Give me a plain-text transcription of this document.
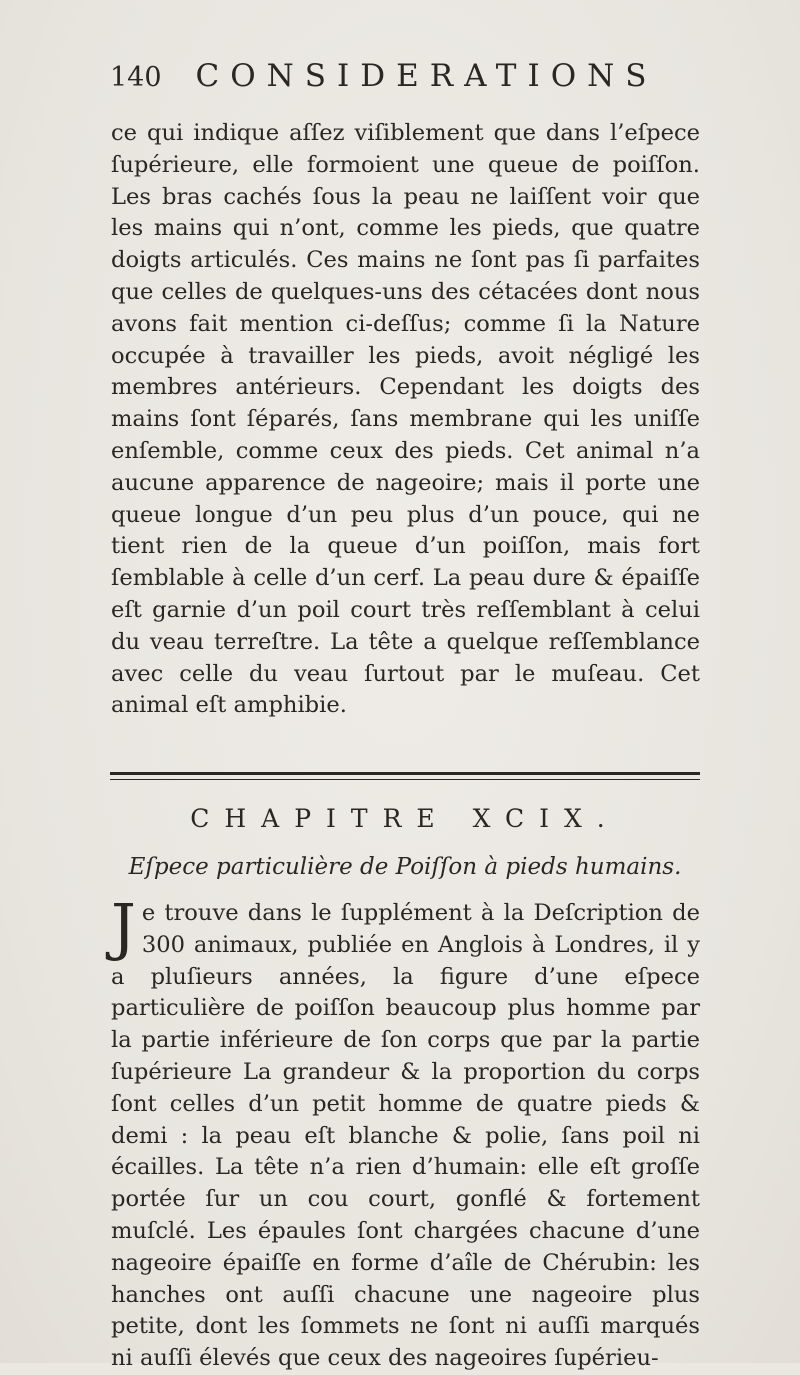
140 CONSIDERATIONS

ce qui indique aſſez viſiblement que dans l’eſpece ſupérieure, elle formoient une queue de poiſſon. Les bras cachés ſous la peau ne laiſſent voir que les mains qui n’ont, comme les pieds, que quatre doigts articulés. Ces mains ne ſont pas ſi parfaites que celles de quelques-uns des cétacées dont nous avons fait mention ci-deſſus; comme ſi la Nature occupée à travailler les pieds, avoit négligé les membres antérieurs. Cependant les doigts des mains ſont ſéparés, ſans membrane qui les uniſſe enſemble, comme ceux des pieds. Cet animal n’a aucune apparence de nageoire; mais il porte une queue longue d’un peu plus d’un pouce, qui ne tient rien de la queue d’un poiſſon, mais fort ſemblable à celle d’un cerf. La peau dure & épaiſſe eſt garnie d’un poil court très reſſemblant à celui du veau terreſtre. La tête a quelque reſſemblance avec celle du veau ſurtout par le muſeau. Cet animal eſt amphibie.

CHAPITRE XCIX.
Eſpece particulière de Poiſſon à pieds humains.

Je trouve dans le ſupplément à la Deſcription de 300 animaux, publiée en Anglois à Londres, il y a pluſieurs années, la figure d’une eſpece particulière de poiſſon beaucoup plus homme par la partie inférieure de ſon corps que par la partie ſupérieure La grandeur & la proportion du corps ſont celles d’un petit homme de quatre pieds & demi : la peau eſt blanche & polie, ſans poil ni écailles. La tête n’a rien d’humain: elle eſt groſſe portée ſur un cou court, gonflé & fortement muſclé. Les épaules ſont chargées chacune d’une nageoire épaiſſe en forme d’aîle de Chérubin: les hanches ont auſſi chacune une nageoire plus petite, dont les ſommets ne ſont ni auſſi marqués ni auſſi élevés que ceux des nageoires ſupérieu-
